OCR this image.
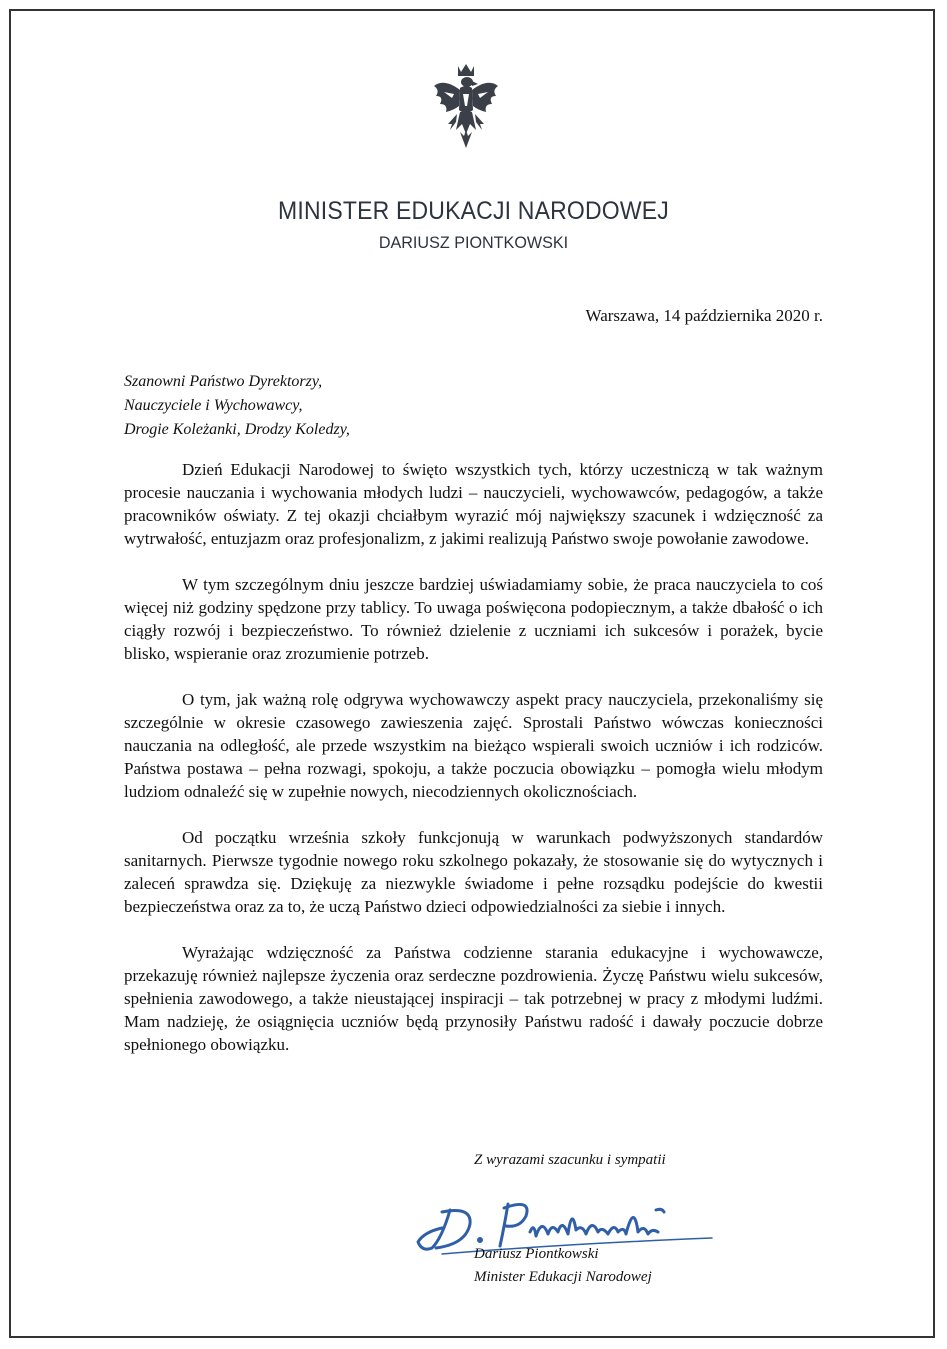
MINISTER EDUKACJI NARODOWEJ
DARIUSZ PIONTKOWSKI
Warszawa, 14 października 2020 r.
Szanowni Państwo Dyrektorzy,
Nauczyciele i Wychowawcy,
Drogie Koleżanki, Drodzy Koledzy,

Dzień Edukacji Narodowej to święto wszystkich tych, którzy uczestniczą w tak ważnym procesie nauczania i wychowania młodych ludzi – nauczycieli, wychowawców, pedagogów, a także pracowników oświaty. Z tej okazji chciałbym wyrazić mój największy szacunek i wdzięczność za wytrwałość, entuzjazm oraz profesjonalizm, z jakimi realizują Państwo swoje powołanie zawodowe.

W tym szczególnym dniu jeszcze bardziej uświadamiamy sobie, że praca nauczyciela to coś więcej niż godziny spędzone przy tablicy. To uwaga poświęcona podopiecznym, a także dbałość o ich ciągły rozwój i bezpieczeństwo. To również dzielenie z uczniami ich sukcesów i porażek, bycie blisko, wspieranie oraz zrozumienie potrzeb.

O tym, jak ważną rolę odgrywa wychowawczy aspekt pracy nauczyciela, przekonaliśmy się szczególnie w okresie czasowego zawieszenia zajęć. Sprostali Państwo wówczas konieczności nauczania na odległość, ale przede wszystkim na bieżąco wspierali swoich uczniów i ich rodziców. Państwa postawa – pełna rozwagi, spokoju, a także poczucia obowiązku – pomogła wielu młodym ludziom odnaleźć się w zupełnie nowych, niecodziennych okolicznościach.

Od początku września szkoły funkcjonują w warunkach podwyższonych standardów sanitarnych. Pierwsze tygodnie nowego roku szkolnego pokazały, że stosowanie się do wytycznych i zaleceń sprawdza się. Dziękuję za niezwykle świadome i pełne rozsądku podejście do kwestii bezpieczeństwa oraz za to, że uczą Państwo dzieci odpowiedzialności za siebie i innych.

Wyrażając wdzięczność za Państwa codzienne starania edukacyjne i wychowawcze, przekazuję również najlepsze życzenia oraz serdeczne pozdrowienia. Życzę Państwu wielu sukcesów, spełnienia zawodowego, a także nieustającej inspiracji – tak potrzebnej w pracy z młodymi ludźmi. Mam nadzieję, że osiągnięcia uczniów będą przynosiły Państwu radość i dawały poczucie dobrze spełnionego obowiązku.

Z wyrazami szacunku i sympatii
Dariusz Piontkowski
Minister Edukacji Narodowej
